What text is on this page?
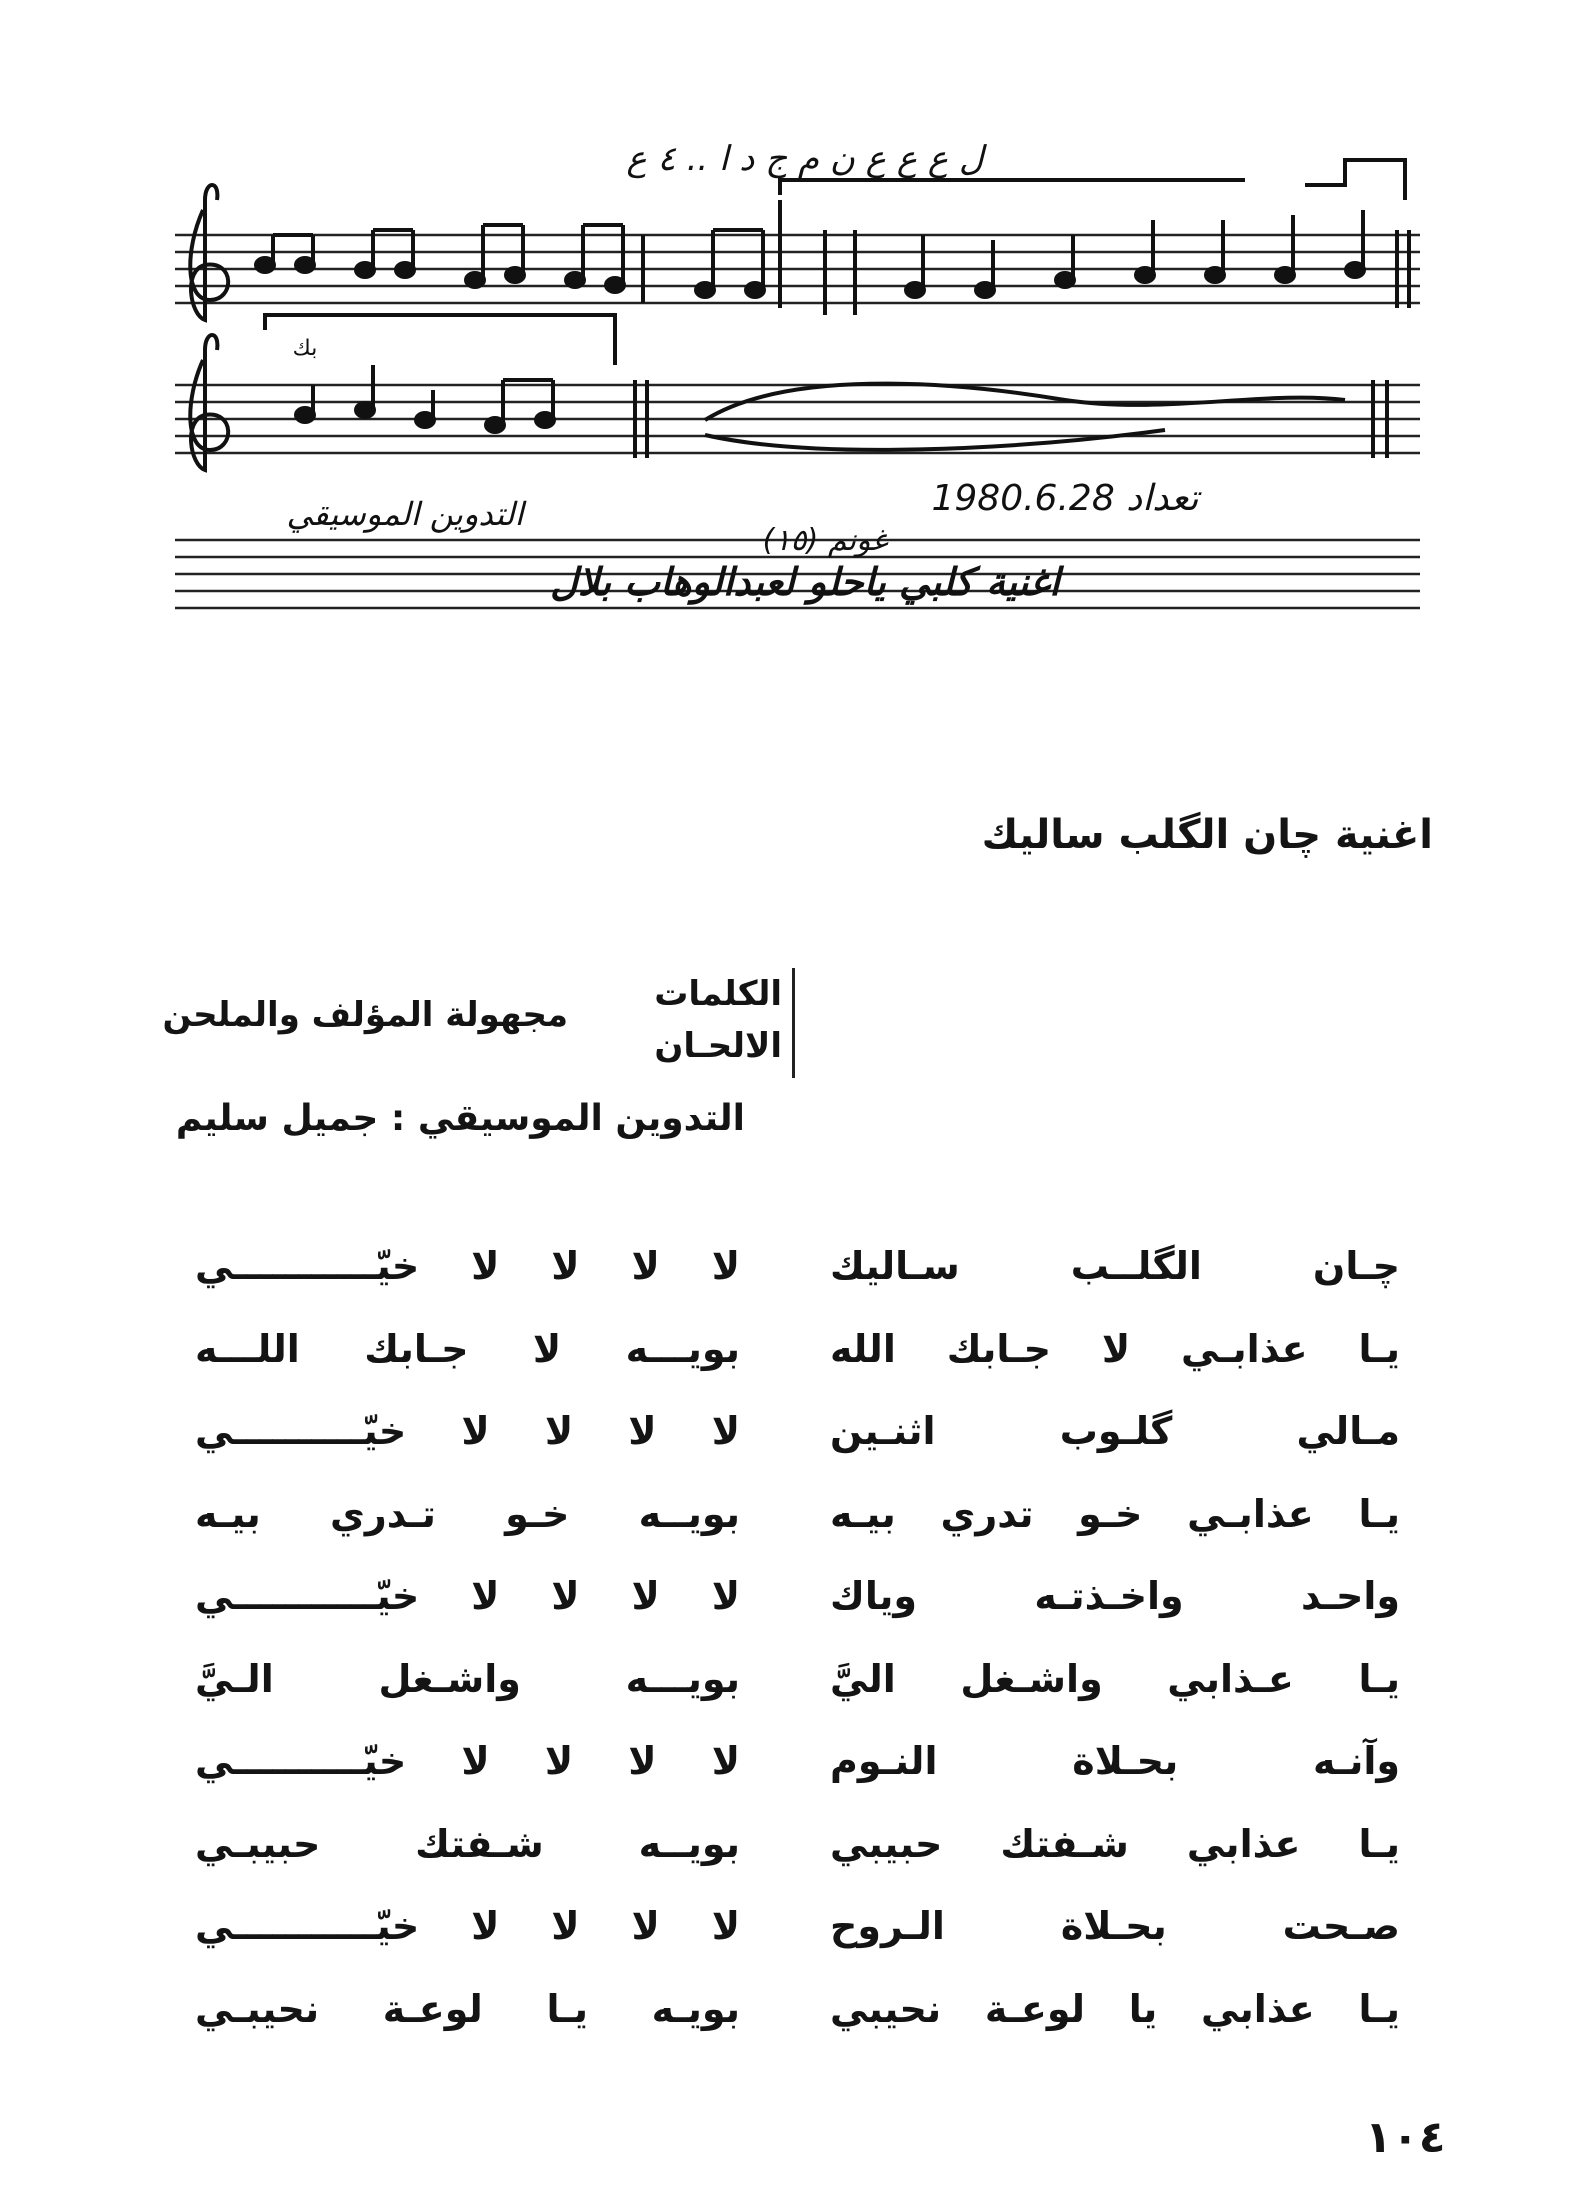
ل ع ع ع ن م ج د ا .. ٤ ع
بك
تعداد 1980.6.28
التدوين الموسيقي
غونم (١٥)
اغنية كلبي ياحلو لعبدالوهاب بلال
اغنية چان الگلب ساليك
الكلمات
الالحـان
مجهولة المؤلف والملحن
التدوين الموسيقي : جميل سليم
چـان الگلــب سـاليك
يـا عذابـي لا جـابك الله
مـالي گلـوب اثنـين
يـا عذابـي خـو تدري بيـه
واحـد واخـذتـه وياك
يـا عـذابي واشـغل اليَّ
وآنـه بحـلاة النـوم
يـا عذابي شـفتك حبيبي
صـحت بحـلاة الـروح
يـا عذابي يا لوعـة نحيبي
لا لا لا لا خيّـــــــــــي
بويـــه لا جـابك اللـــه
لا لا لا لا خيّــــــــــي
بويــه خـو تـدري بيـه
لا لا لا لا خيّـــــــــــي
بويـــه واشـغل الـيَّ
لا لا لا لا خيّــــــــــي
بويــه شـفتك حبيبـي
لا لا لا لا خيّـــــــــــي
بويـه يـا لوعـة نحيبـي
١٠٤
